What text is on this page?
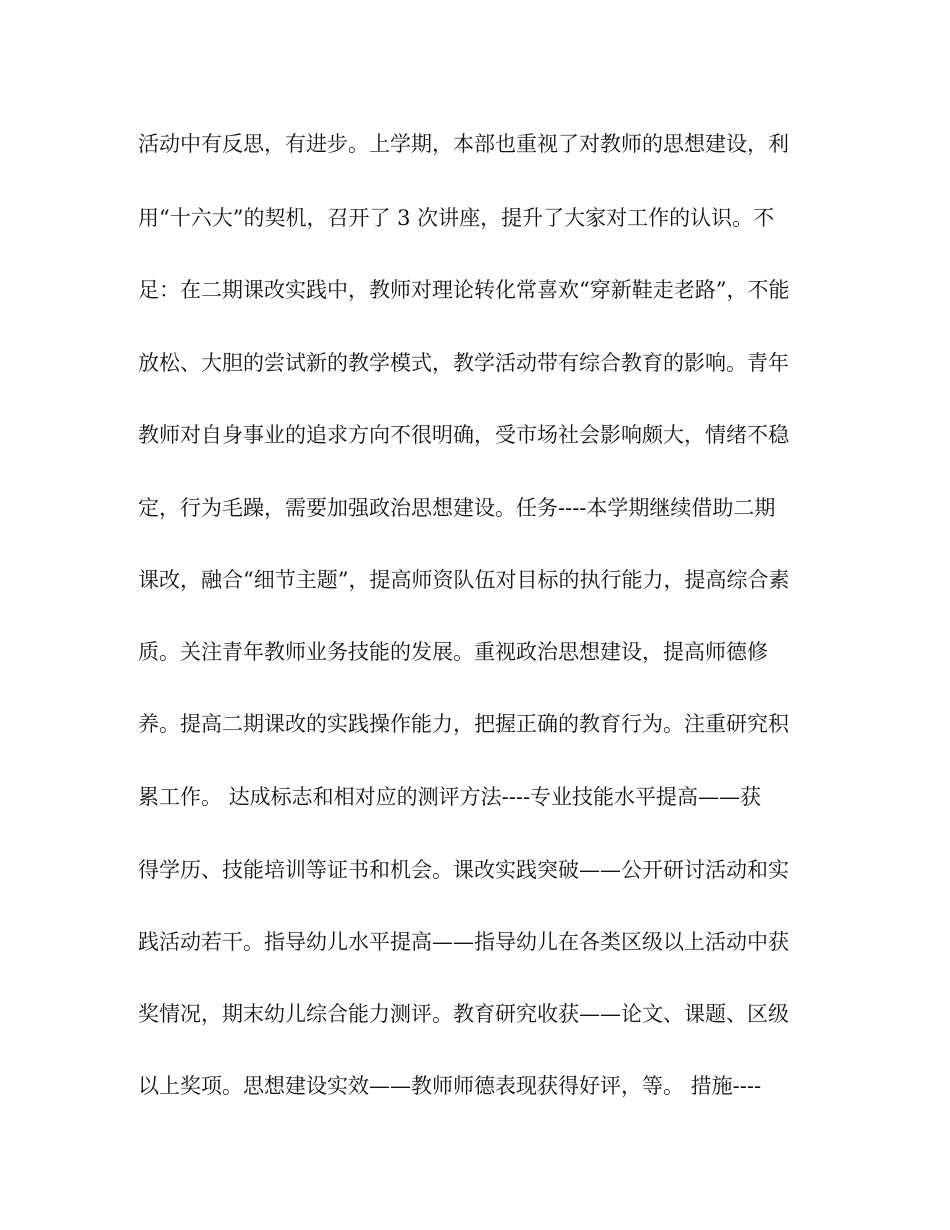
活动中有反思，有进步。上学期，本部也重视了对教师的思想建设，利
用“十六大”的契机，召开了 3 次讲座，提升了大家对工作的认识。不
足：在二期课改实践中，教师对理论转化常喜欢“穿新鞋走老路”，不能
放松、大胆的尝试新的教学模式，教学活动带有综合教育的影响。青年
教师对自身事业的追求方向不很明确，受市场社会影响颇大，情绪不稳
定，行为毛躁，需要加强政治思想建设。任务----本学期继续借助二期
课改，融合“细节主题”，提高师资队伍对目标的执行能力，提高综合素
质。关注青年教师业务技能的发展。重视政治思想建设，提高师德修
养。提高二期课改的实践操作能力，把握正确的教育行为。注重研究积
累工作。 达成标志和相对应的测评方法----专业技能水平提高——获
得学历、技能培训等证书和机会。课改实践突破——公开研讨活动和实
践活动若干。指导幼儿水平提高——指导幼儿在各类区级以上活动中获
奖情况，期末幼儿综合能力测评。教育研究收获——论文、课题、区级
以上奖项。思想建设实效——教师师德表现获得好评，等。 措施----
